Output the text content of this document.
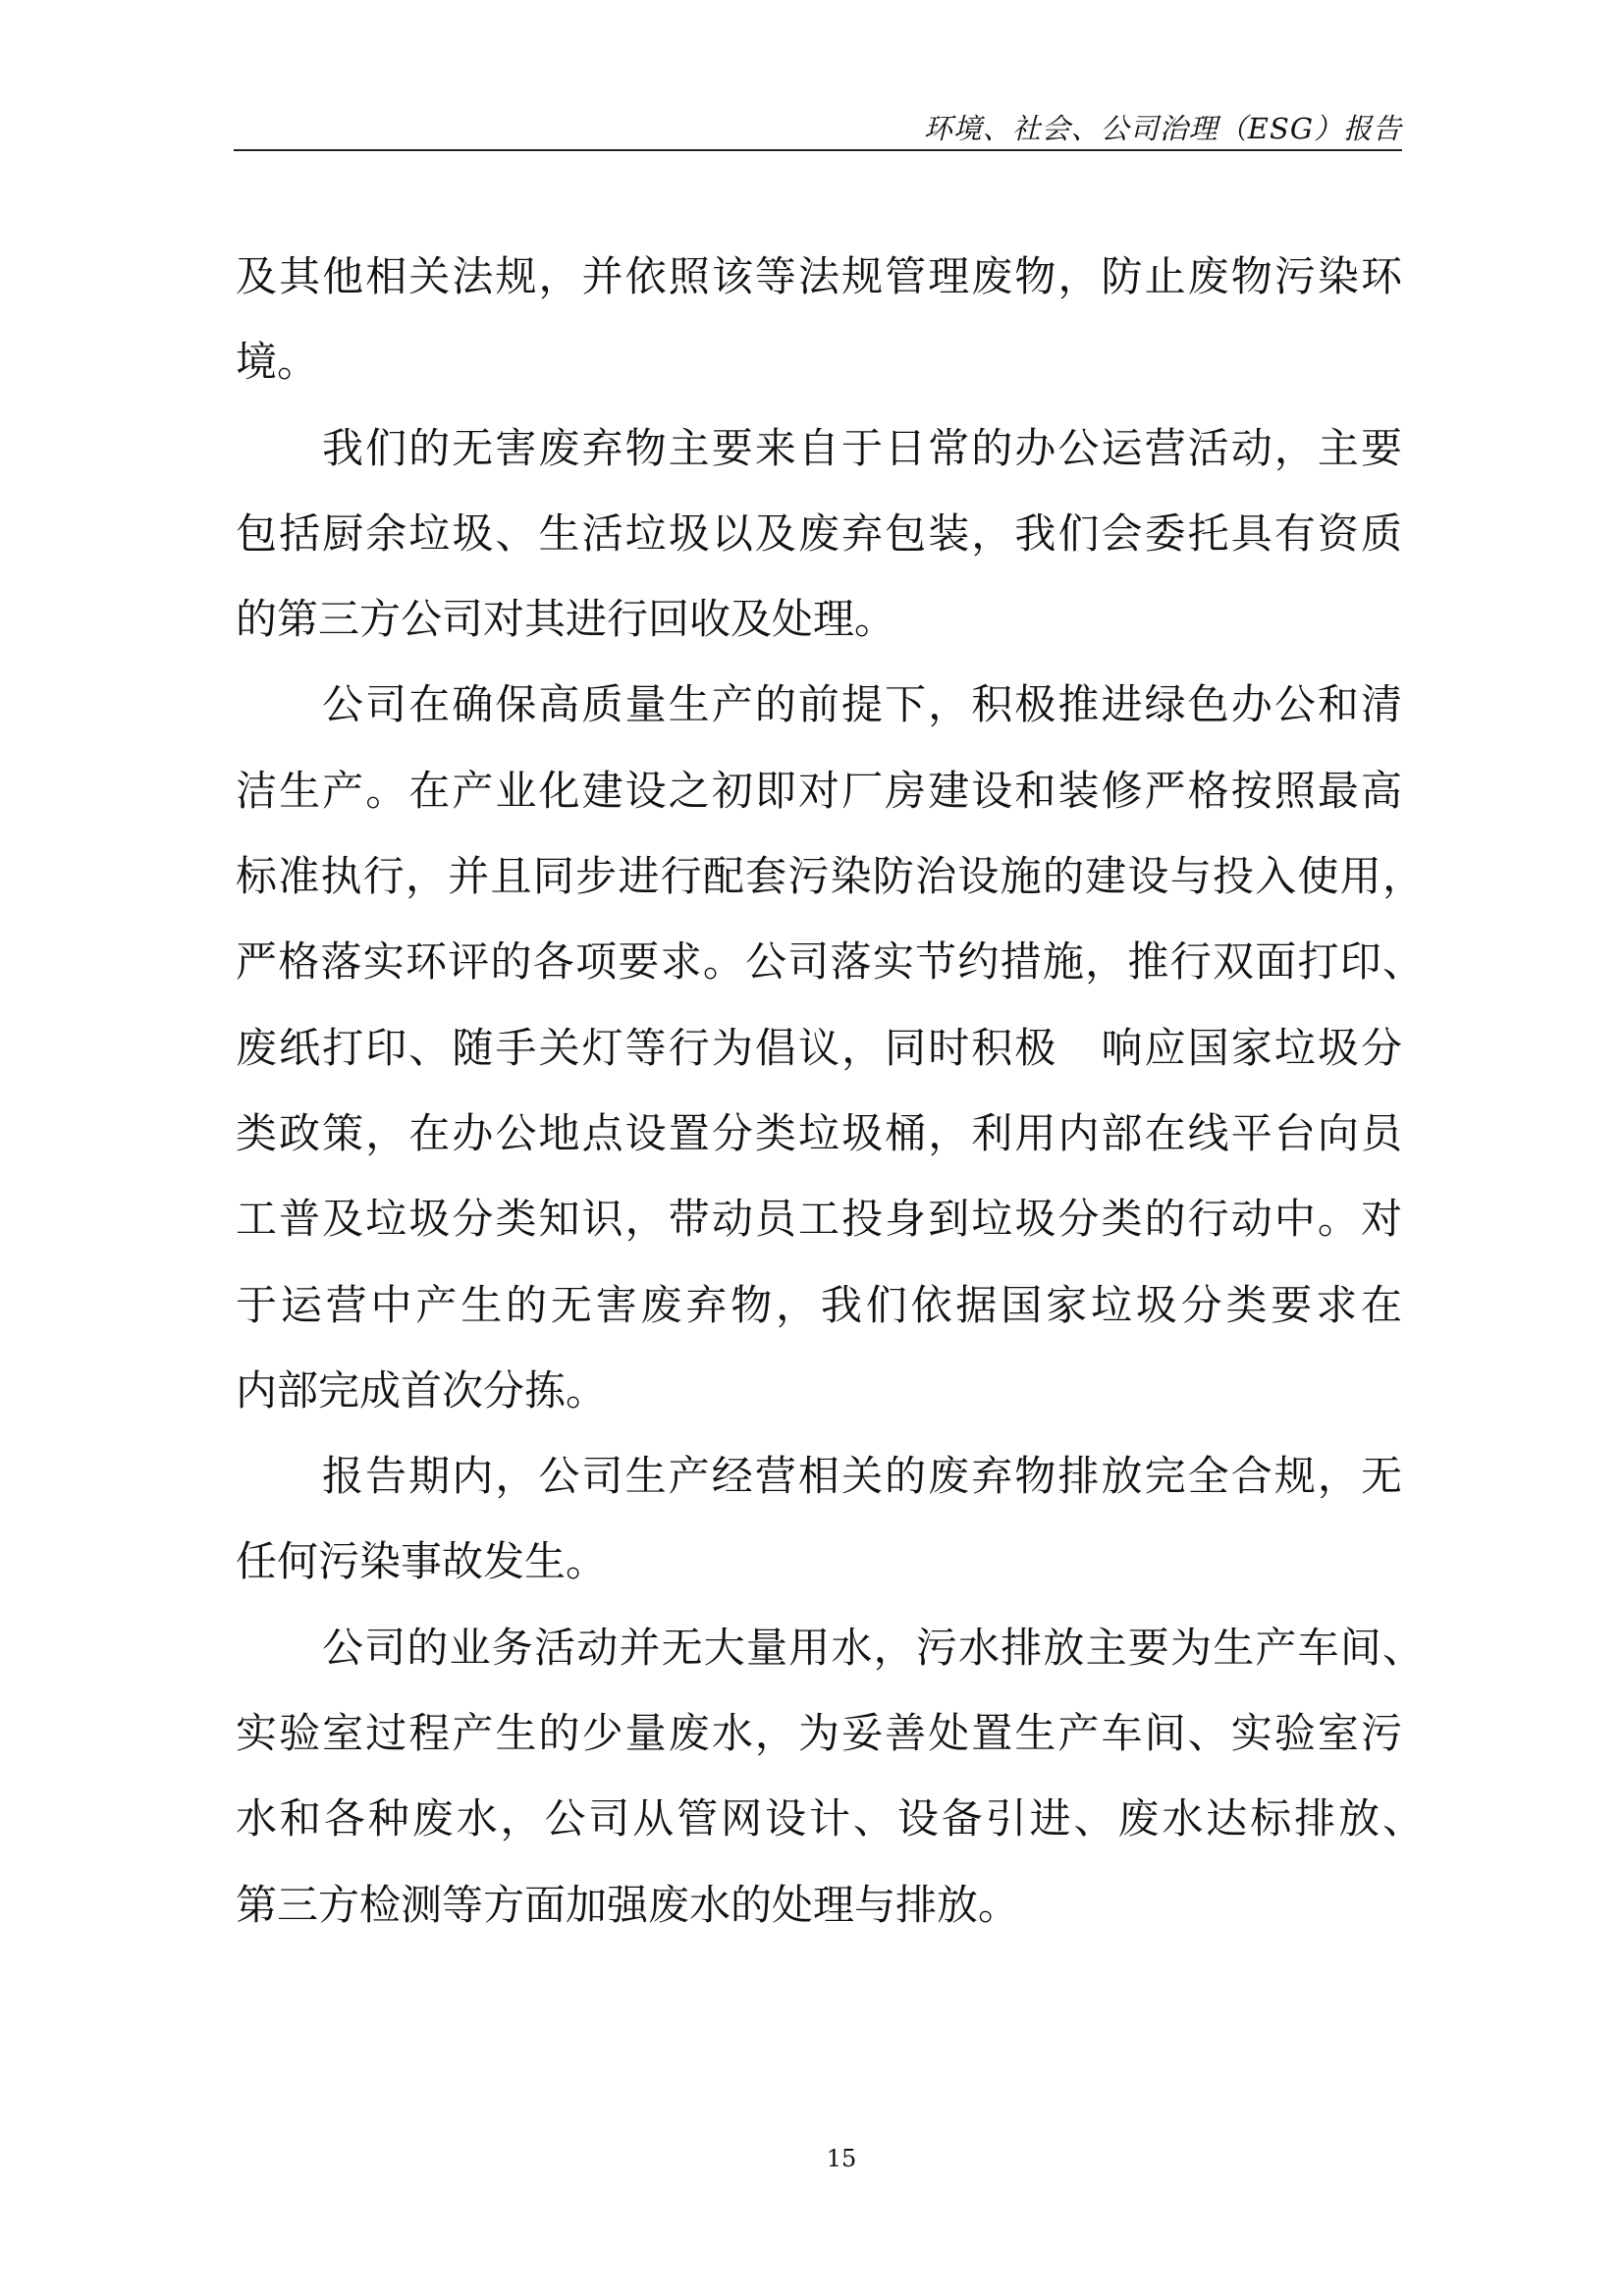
环境、社会、公司治理（ESG）报告
及其他相关法规，并依照该等法规管理废物，防止废物污染环
境。
我们的无害废弃物主要来自于日常的办公运营活动，主要
包括厨余垃圾、生活垃圾以及废弃包装，我们会委托具有资质
的第三方公司对其进行回收及处理。
公司在确保高质量生产的前提下，积极推进绿色办公和清
洁生产。在产业化建设之初即对厂房建设和装修严格按照最高
标准执行，并且同步进行配套污染防治设施的建设与投入使用，
严格落实环评的各项要求。公司落实节约措施，推行双面打印、
废纸打印、随手关灯等行为倡议，同时积极　响应国家垃圾分
类政策，在办公地点设置分类垃圾桶，利用内部在线平台向员
工普及垃圾分类知识，带动员工投身到垃圾分类的行动中。对
于运营中产生的无害废弃物，我们依据国家垃圾分类要求在
内部完成首次分拣。
报告期内，公司生产经营相关的废弃物排放完全合规，无
任何污染事故发生。
公司的业务活动并无大量用水，污水排放主要为生产车间、
实验室过程产生的少量废水，为妥善处置生产车间、实验室污
水和各种废水，公司从管网设计、设备引进、废水达标排放、
第三方检测等方面加强废水的处理与排放。
15
